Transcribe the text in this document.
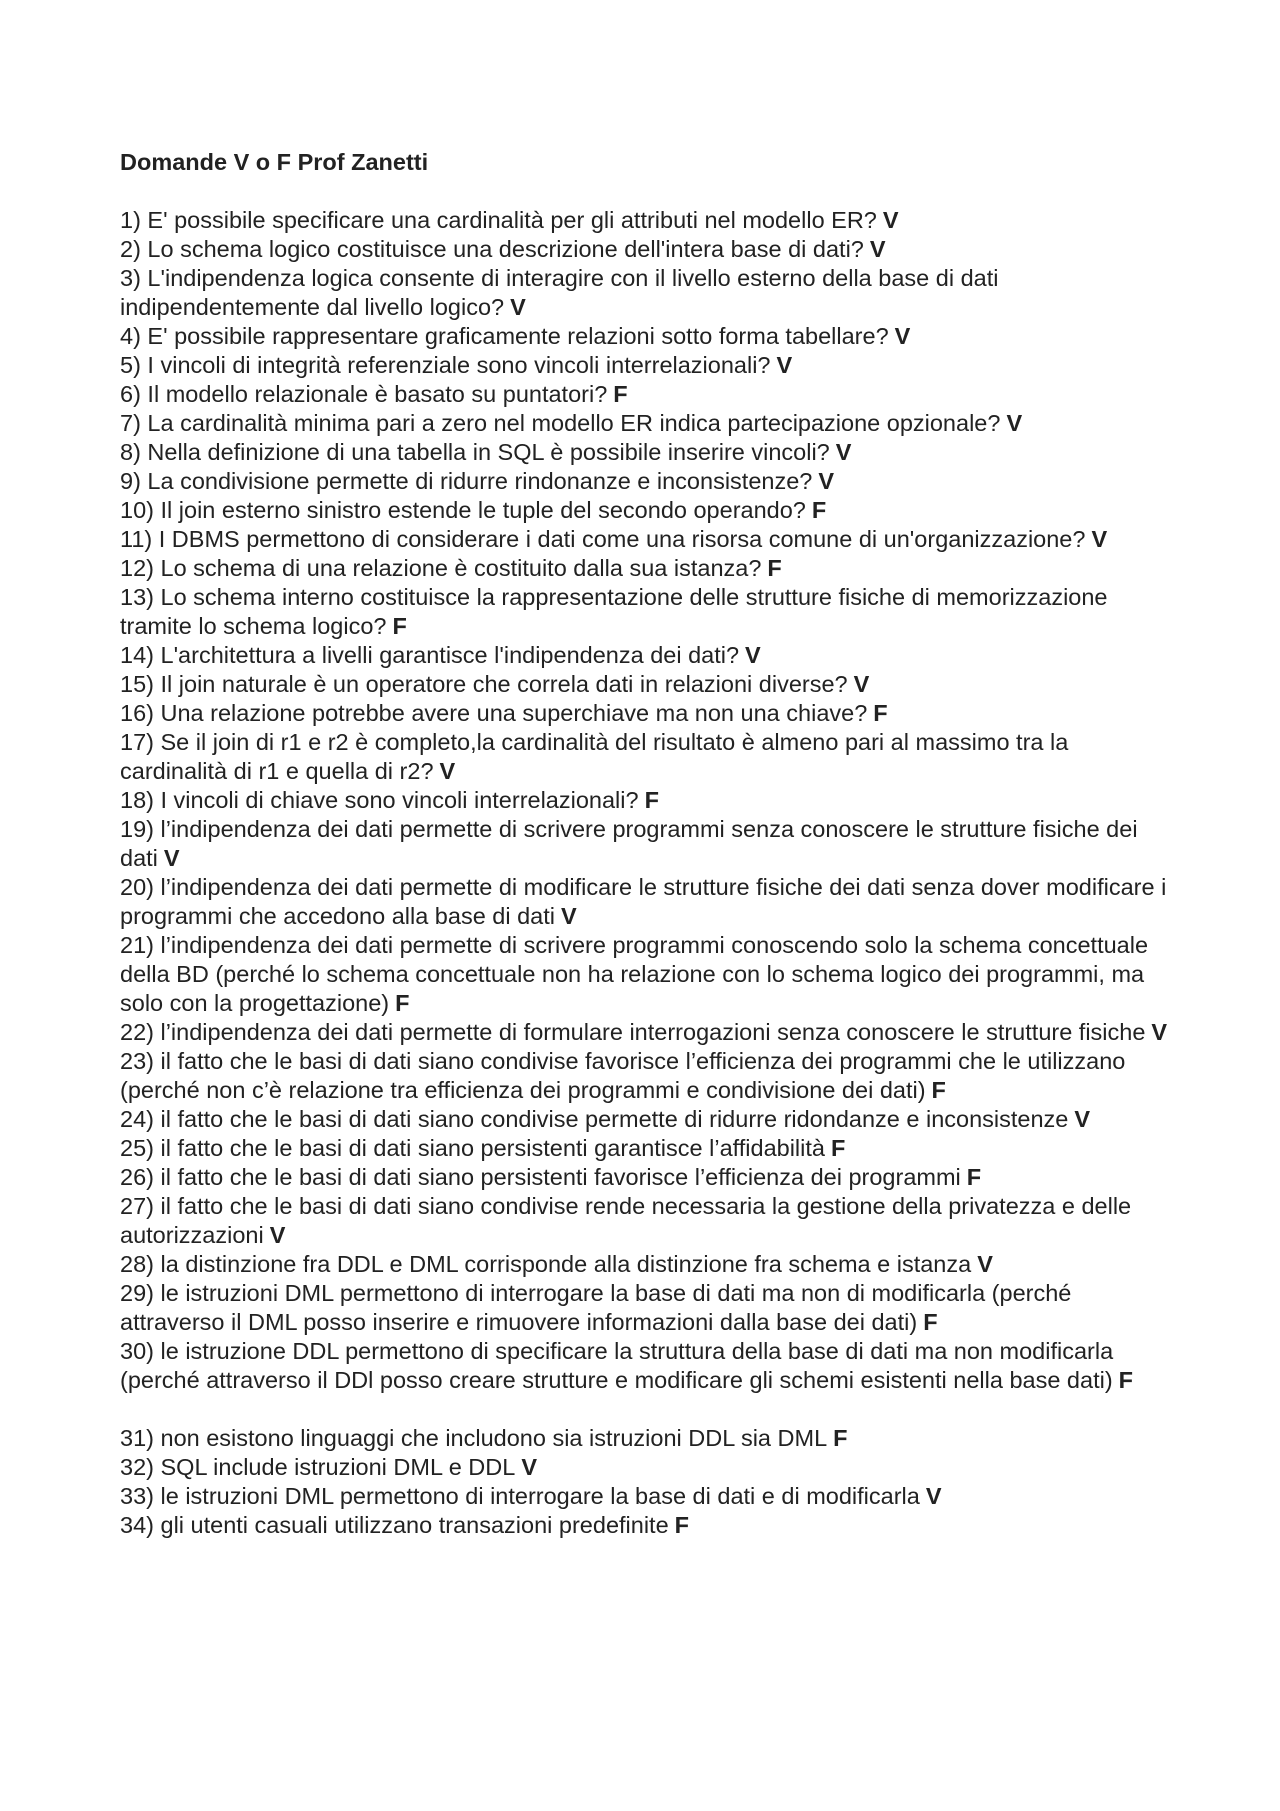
Domande V o F Prof Zanetti
1) E' possibile specificare una cardinalità per gli attributi nel modello ER? V
2) Lo schema logico costituisce una descrizione dell'intera base di dati? V
3) L'indipendenza logica consente di interagire con il livello esterno della base di dati indipendentemente dal livello logico? V
4) E' possibile rappresentare graficamente relazioni sotto forma tabellare? V
5) I vincoli di integrità referenziale sono vincoli interrelazionali? V
6) Il modello relazionale è basato su puntatori? F
7) La cardinalità minima pari a zero nel modello ER indica partecipazione opzionale? V
8) Nella definizione di una tabella in SQL è possibile inserire vincoli? V
9) La condivisione permette di ridurre rindonanze e inconsistenze? V
10) Il join esterno sinistro estende le tuple del secondo operando? F
11) I DBMS permettono di considerare i dati come una risorsa comune di un'organizzazione? V
12) Lo schema di una relazione è costituito dalla sua istanza? F
13) Lo schema interno costituisce la rappresentazione delle strutture fisiche di memorizzazione tramite lo schema logico? F
14) L'architettura a livelli garantisce l'indipendenza dei dati? V
15) Il join naturale è un operatore che correla dati in relazioni diverse? V
16) Una relazione potrebbe avere una superchiave ma non una chiave? F
17) Se il join di r1 e r2 è completo,la cardinalità del risultato è almeno pari al massimo tra la cardinalità di r1 e quella di r2? V
18) I vincoli di chiave sono vincoli interrelazionali? F
19) l’indipendenza dei dati permette di scrivere programmi senza conoscere le strutture fisiche dei dati V
20) l’indipendenza dei dati permette di modificare le strutture fisiche dei dati senza dover modificare i programmi che accedono alla base di dati V
21) l’indipendenza dei dati permette di scrivere programmi conoscendo solo la schema concettuale della BD (perché lo schema concettuale non ha relazione con lo schema logico dei programmi, ma solo con la progettazione) F
22) l’indipendenza dei dati permette di formulare interrogazioni senza conoscere le strutture fisiche V
23) il fatto che le basi di dati siano condivise favorisce l’efficienza dei programmi che le utilizzano (perché non c’è relazione tra efficienza dei programmi e condivisione dei dati) F
24) il fatto che le basi di dati siano condivise permette di ridurre ridondanze e inconsistenze V
25) il fatto che le basi di dati siano persistenti garantisce l’affidabilità F
26) il fatto che le basi di dati siano persistenti favorisce l’efficienza dei programmi F
27) il fatto che le basi di dati siano condivise rende necessaria la gestione della privatezza e delle autorizzazioni V
28) la distinzione fra DDL e DML corrisponde alla distinzione fra schema e istanza V
29) le istruzioni DML permettono di interrogare la base di dati ma non di modificarla (perché attraverso il DML posso inserire e rimuovere informazioni dalla base dei dati) F
30) le istruzione DDL permettono di specificare la struttura della base di dati ma non modificarla (perché attraverso il DDl posso creare strutture e modificare gli schemi esistenti nella base dati) F
31) non esistono linguaggi che includono sia istruzioni DDL sia DML F
32) SQL include istruzioni DML e DDL V
33) le istruzioni DML permettono di interrogare la base di dati e di modificarla V
34) gli utenti casuali utilizzano transazioni predefinite F
